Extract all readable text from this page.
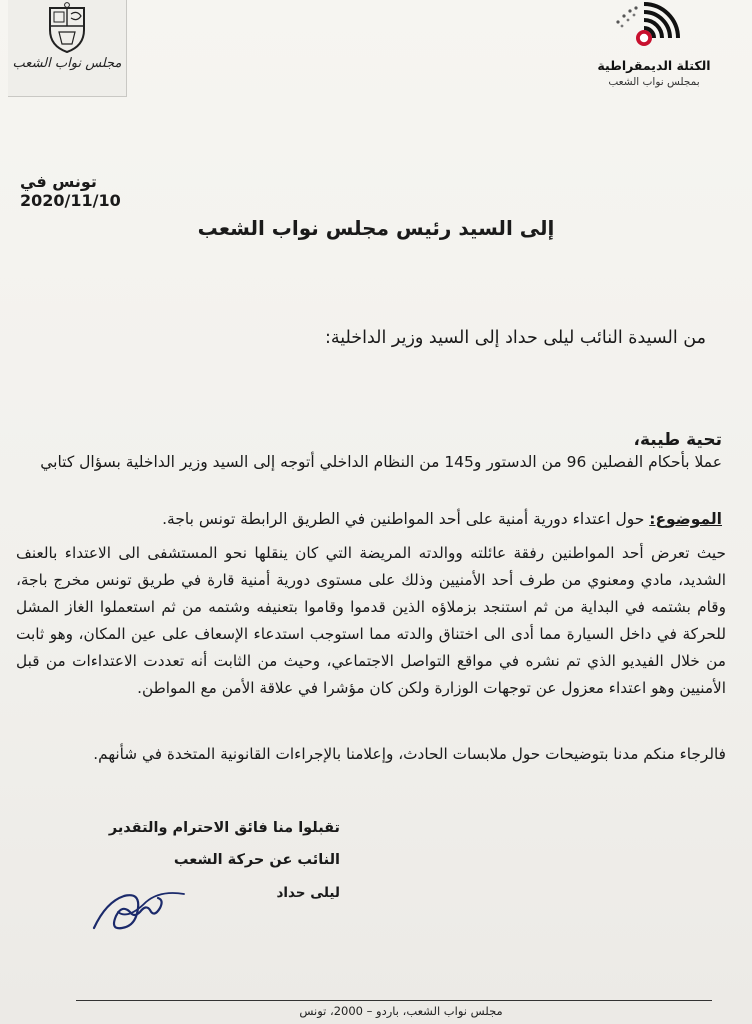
مجلس نواب الشعب	الكتلة الديمقراطية
بمجلس نواب الشعب
تونس في 2020/11/10
إلى السيد رئيس مجلس نواب الشعب
من السيدة النائب ليلى حداد إلى السيد وزير الداخلية:
تحية طيبة،
عملا بأحكام الفصلين 96 من الدستور و145 من النظام الداخلي أتوجه إلى السيد وزير الداخلية بسؤال كتابي
الموضوع: حول اعتداء دورية أمنية على أحد المواطنين في الطريق الرابطة تونس باجة.
حيث تعرض أحد المواطنين رفقة عائلته ووالدته المريضة التي كان ينقلها نحو المستشفى الى الاعتداء بالعنف الشديد، مادي ومعنوي من طرف أحد الأمنيين وذلك على مستوى دورية أمنية قارة في طريق تونس مخرج باجة، وقام بشتمه في البداية من ثم استنجد بزملاؤه الذين قدموا وقاموا بتعنيفه وشتمه من ثم استعملوا الغاز المشل للحركة في داخل السيارة مما أدى الى اختناق والدته مما استوجب استدعاء الإسعاف على عين المكان، وهو ثابت من خلال الفيديو الذي تم نشره في مواقع التواصل الاجتماعي، وحيث من الثابت أنه تعددت الاعتداءات من قبل الأمنيين وهو اعتداء معزول عن توجهات الوزارة ولكن كان مؤشرا في علاقة الأمن مع المواطن.
فالرجاء منكم مدنا بتوضيحات حول ملابسات الحادث، وإعلامنا بالإجراءات القانونية المتخدة في شأنهم.
تقبلوا منا فائق الاحترام والتقدير
النائب عن حركة الشعب
ليلى حداد
مجلس نواب الشعب، باردو – 2000، تونس
